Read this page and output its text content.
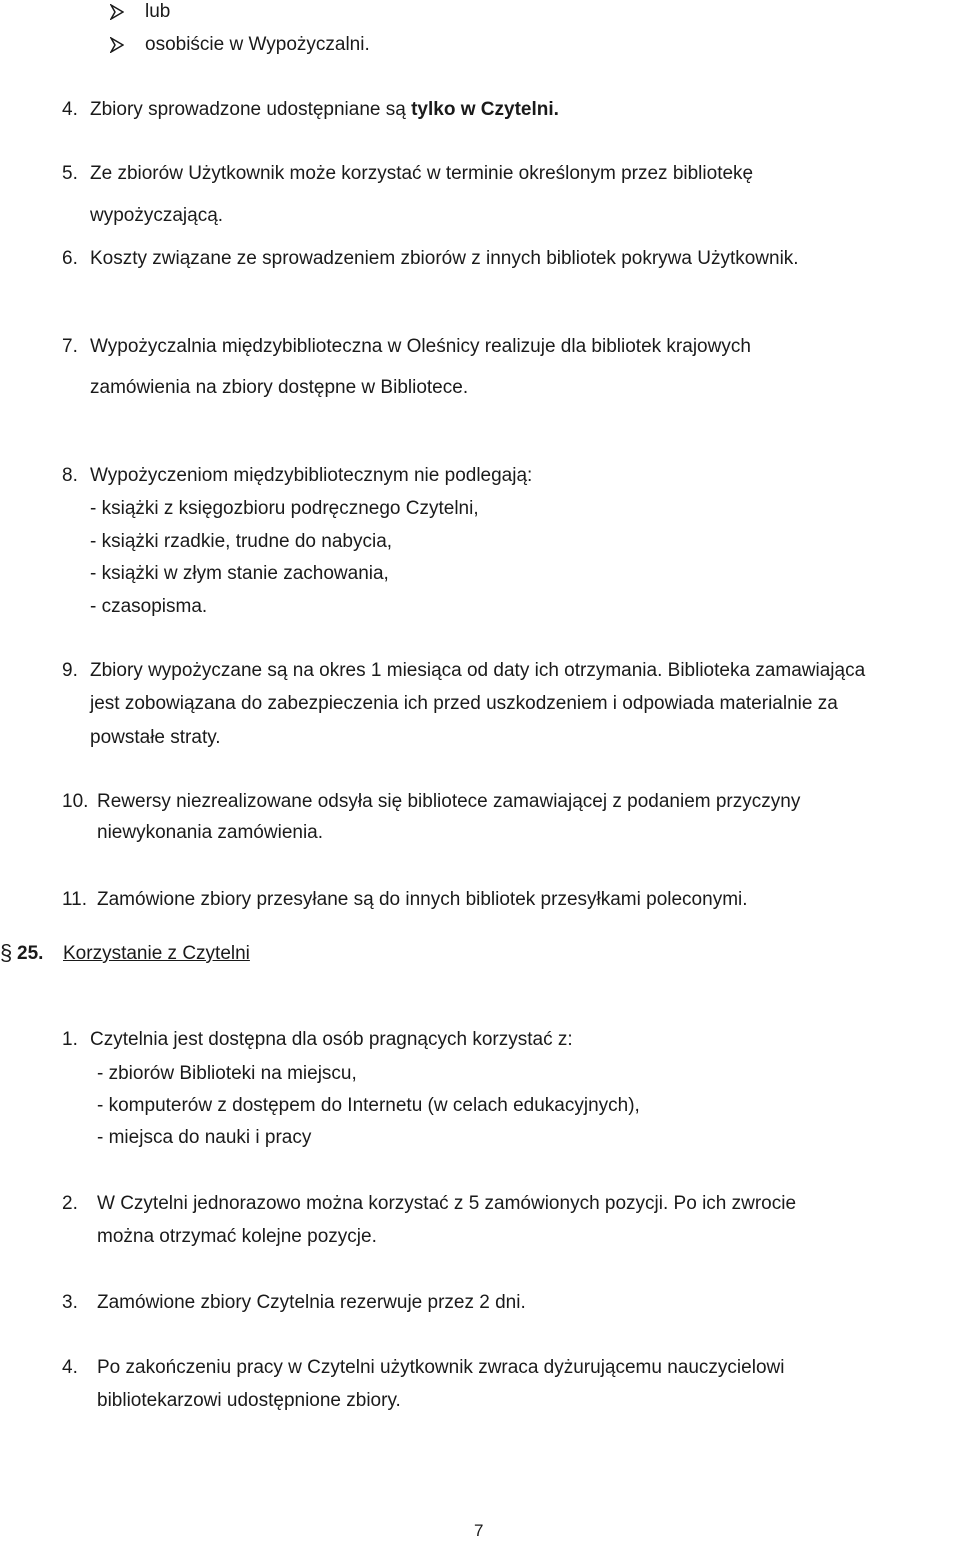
lub
osobiście w Wypożyczalni.
4. Zbiory sprowadzone udostępniane są tylko w Czytelni.
5. Ze zbiorów Użytkownik może korzystać w terminie określonym przez bibliotekę
wypożyczającą.
6. Koszty związane ze sprowadzeniem zbiorów z innych bibliotek pokrywa Użytkownik.
7. Wypożyczalnia międzybiblioteczna w Oleśnicy realizuje dla bibliotek krajowych
zamówienia na zbiory dostępne w Bibliotece.
8. Wypożyczeniom międzybibliotecznym nie podlegają:
- książki z księgozbioru podręcznego Czytelni,
- książki rzadkie, trudne do nabycia,
- książki w złym stanie zachowania,
- czasopisma.
9. Zbiory wypożyczane są na okres 1 miesiąca od daty ich otrzymania. Biblioteka zamawiająca
jest zobowiązana do zabezpieczenia ich przed uszkodzeniem i odpowiada materialnie za
powstałe straty.
10. Rewersy niezrealizowane odsyła się bibliotece zamawiającej z podaniem przyczyny
niewykonania zamówienia.
11. Zamówione zbiory przesyłane są do innych bibliotek przesyłkami poleconymi.
§ 25. Korzystanie z Czytelni
1. Czytelnia jest dostępna dla osób pragnących korzystać z:
- zbiorów Biblioteki na miejscu,
- komputerów z dostępem do Internetu (w celach edukacyjnych),
- miejsca do nauki i pracy
2. W Czytelni jednorazowo można korzystać z 5 zamówionych pozycji. Po ich zwrocie
można otrzymać kolejne pozycje.
3. Zamówione zbiory Czytelnia rezerwuje przez 2 dni.
4. Po zakończeniu pracy w Czytelni użytkownik zwraca dyżurującemu nauczycielowi
bibliotekarzowi udostępnione zbiory.
7
